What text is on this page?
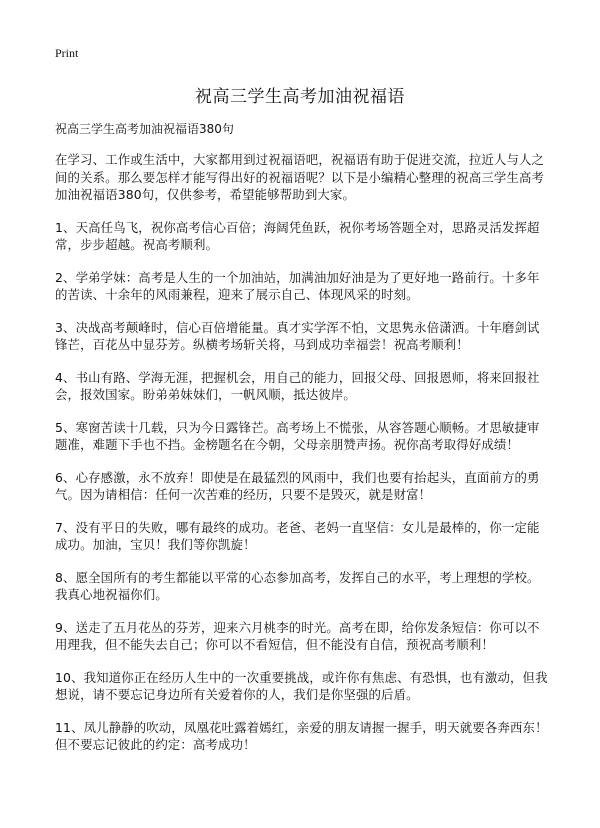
Print
祝高三学生高考加油祝福语

祝高三学生高考加油祝福语380句

在学习、工作或生活中，大家都用到过祝福语吧，祝福语有助于促进交流，拉近人与人之间的关系。那么要怎样才能写得出好的祝福语呢？以下是小编精心整理的祝高三学生高考加油祝福语380句，仅供参考，希望能够帮助到大家。

1、天高任鸟飞，祝你高考信心百倍；海阔凭鱼跃，祝你考场答题全对，思路灵活发挥超常，步步超越。祝高考顺利。

2、学弟学妹：高考是人生的一个加油站，加满油加好油是为了更好地一路前行。十多年的苦读、十余年的风雨兼程，迎来了展示自己、体现风采的时刻。

3、决战高考颠峰时，信心百倍增能量。真才实学浑不怕，文思隽永倍潇洒。十年磨剑试锋芒，百花丛中显芬芳。纵横考场斩关将，马到成功幸福尝！祝高考顺利！

4、书山有路、学海无涯，把握机会，用自己的能力，回报父母、回报恩师，将来回报社会，报效国家。盼弟弟妹妹们，一帆风顺，抵达彼岸。

5、寒窗苦读十几载，只为今日露锋芒。高考场上不慌张，从容答题心顺畅。才思敏捷审题准，难题下手也不挡。金榜题名在今朝，父母亲朋赞声扬。祝你高考取得好成绩！

6、心存感激，永不放弃！即使是在最猛烈的风雨中，我们也要有抬起头，直面前方的勇气。因为请相信：任何一次苦难的经历，只要不是毁灭，就是财富！

7、没有平日的失败，哪有最终的成功。老爸、老妈一直坚信：女儿是最棒的，你一定能成功。加油，宝贝！我们等你凯旋！

8、愿全国所有的考生都能以平常的心态参加高考，发挥自己的水平，考上理想的学校。我真心地祝福你们。

9、送走了五月花丛的芬芳，迎来六月桃李的时光。高考在即，给你发条短信：你可以不用理我，但不能失去自己；你可以不看短信，但不能没有自信，预祝高考顺利！

10、我知道你正在经历人生中的一次重要挑战，或许你有焦虑、有恐惧，也有激动，但我想说，请不要忘记身边所有关爱着你的人，我们是你坚强的后盾。

11、凤儿静静的吹动，凤凰花吐露着嫣红，亲爱的朋友请握一握手，明天就要各奔西东！但不要忘记彼此的约定：高考成功！
